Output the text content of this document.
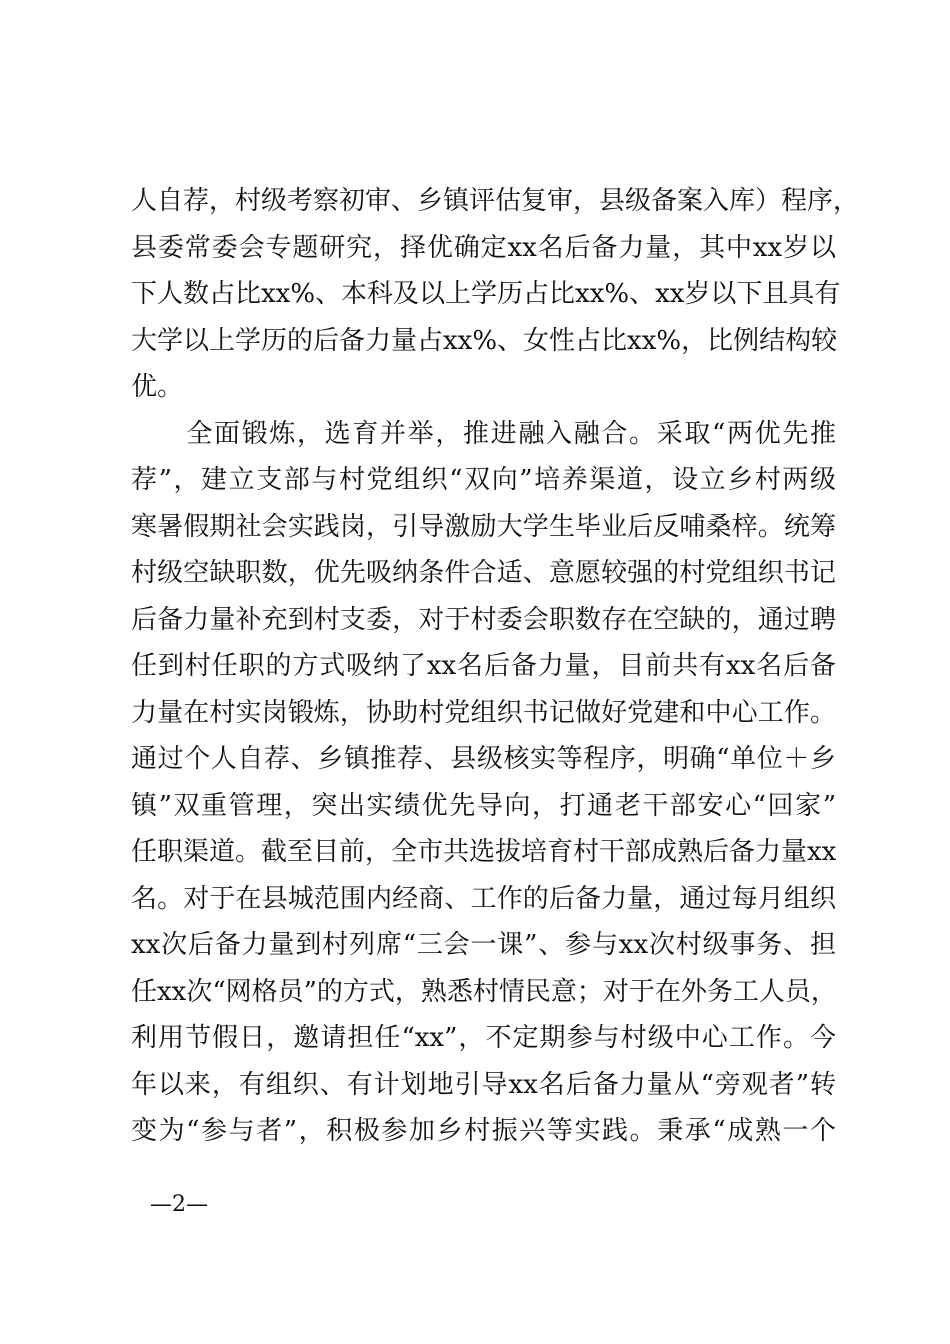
人自荐，村级考察初审、乡镇评估复审，县级备案入库）程序，
县委常委会专题研究，择优确定xx名后备力量，其中xx岁以
下人数占比xx%、本科及以上学历占比xx%、xx岁以下且具有
大学以上学历的后备力量占xx%、女性占比xx%，比例结构较
优。
　　全面锻炼，选育并举，推进融入融合。采取“两优先推
荐”，建立支部与村党组织“双向”培养渠道，设立乡村两级
寒暑假期社会实践岗，引导激励大学生毕业后反哺桑梓。统筹
村级空缺职数，优先吸纳条件合适、意愿较强的村党组织书记
后备力量补充到村支委，对于村委会职数存在空缺的，通过聘
任到村任职的方式吸纳了xx名后备力量，目前共有xx名后备
力量在村实岗锻炼，协助村党组织书记做好党建和中心工作。
通过个人自荐、乡镇推荐、县级核实等程序，明确“单位＋乡
镇”双重管理，突出实绩优先导向，打通老干部安心“回家”
任职渠道。截至目前，全市共选拔培育村干部成熟后备力量xx
名。对于在县城范围内经商、工作的后备力量，通过每月组织
xx次后备力量到村列席“三会一课”、参与xx次村级事务、担
任xx次“网格员”的方式，熟悉村情民意；对于在外务工人员，
利用节假日，邀请担任“xx”，不定期参与村级中心工作。今
年以来，有组织、有计划地引导xx名后备力量从“旁观者”转
变为“参与者”，积极参加乡村振兴等实践。秉承“成熟一个
—2—
